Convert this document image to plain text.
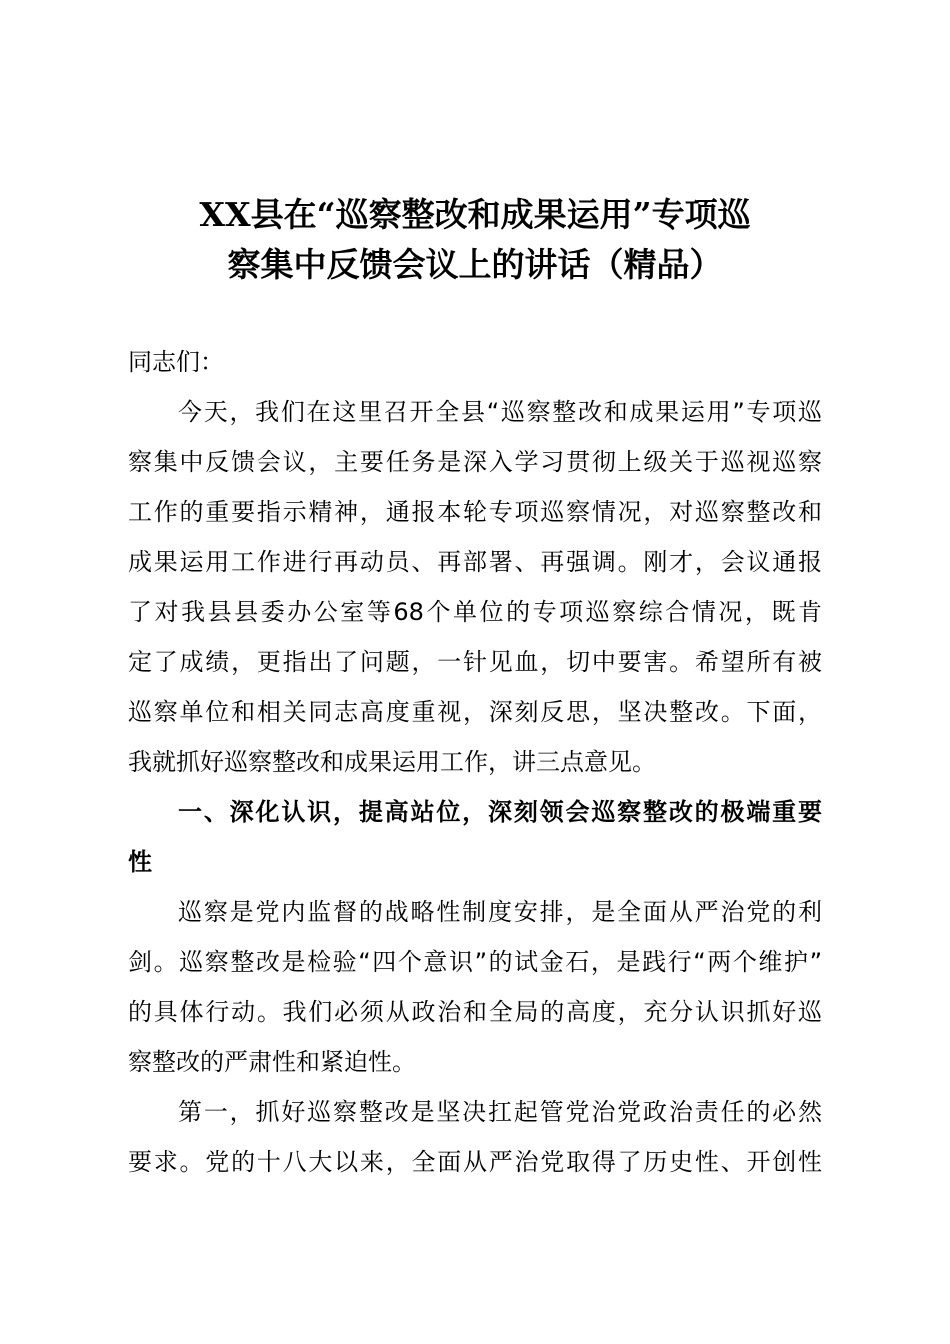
XX县在“巡察整改和成果运用”专项巡
察集中反馈会议上的讲话（精品）
同志们：
今天，我们在这里召开全县“巡察整改和成果运用”专项巡
察集中反馈会议，主要任务是深入学习贯彻上级关于巡视巡察
工作的重要指示精神，通报本轮专项巡察情况，对巡察整改和
成果运用工作进行再动员、再部署、再强调。刚才，会议通报
了对我县县委办公室等68个单位的专项巡察综合情况，既肯
定了成绩，更指出了问题，一针见血，切中要害。希望所有被
巡察单位和相关同志高度重视，深刻反思，坚决整改。下面，
我就抓好巡察整改和成果运用工作，讲三点意见。
一、深化认识，提高站位，深刻领会巡察整改的极端重要
性
巡察是党内监督的战略性制度安排，是全面从严治党的利
剑。巡察整改是检验“四个意识”的试金石，是践行“两个维护”
的具体行动。我们必须从政治和全局的高度，充分认识抓好巡
察整改的严肃性和紧迫性。
第一，抓好巡察整改是坚决扛起管党治党政治责任的必然
要求。党的十八大以来，全面从严治党取得了历史性、开创性
